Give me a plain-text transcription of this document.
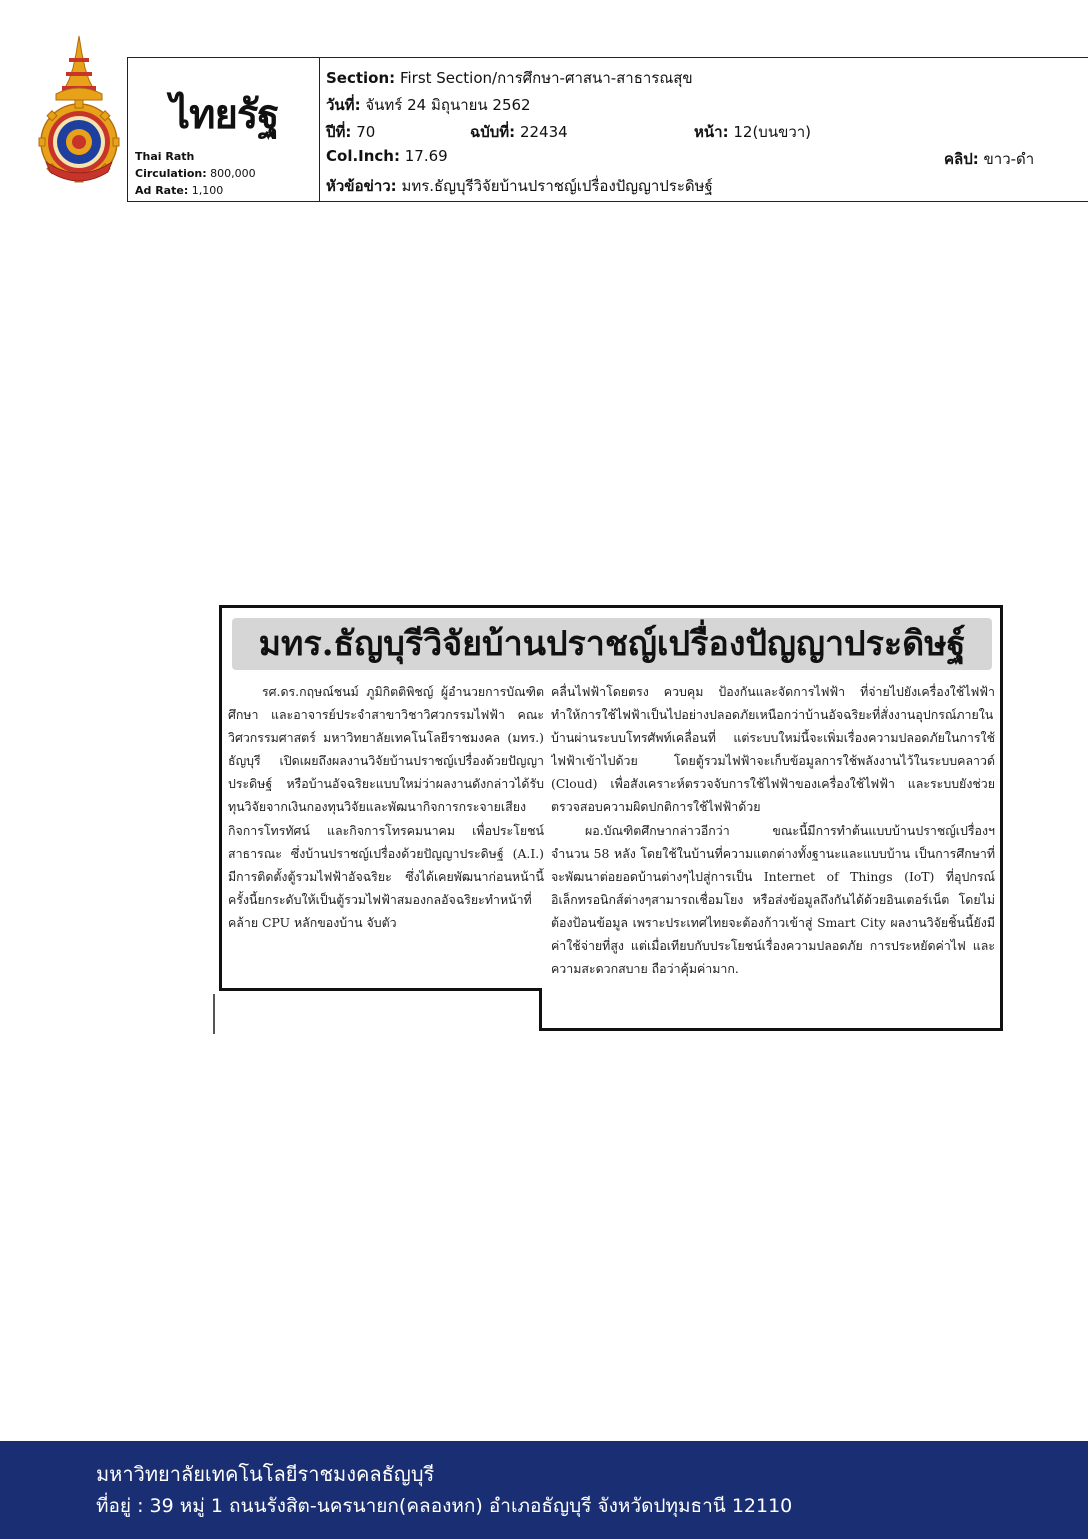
ไทยรัฐ
Thai Rath
Circulation: 800,000
Ad Rate: 1,100
Section: First Section/การศึกษา-ศาสนา-สาธารณสุข
วันที่: จันทร์ 24 มิถุนายน 2562
ปีที่: 70	ฉบับที่: 22434	หน้า: 12(บนขวา)
Col.Inch: 17.69	คลิป: ขาว-ดำ
หัวข้อข่าว: มทร.ธัญบุรีวิจัยบ้านปราชญ์เปรื่องปัญญาประดิษฐ์
มทร.ธัญบุรีวิจัยบ้านปราชญ์เปรื่องปัญญาประดิษฐ์

รศ.ดร.กฤษณ์ชนม์ ภูมิกิตติพิชญ์ ผู้อำนวยการบัณฑิตศึกษา และอาจารย์ประจำสาขาวิชาวิศวกรรมไฟฟ้า คณะวิศวกรรมศาสตร์ มหาวิทยาลัยเทคโนโลยีราชมงคล (มทร.) ธัญบุรี เปิดเผยถึงผลงานวิจัยบ้านปราชญ์เปรื่องด้วยปัญญาประดิษฐ์ หรือบ้านอัจฉริยะแบบใหม่ว่าผลงานดังกล่าวได้รับทุนวิจัยจากเงินกองทุนวิจัยและพัฒนากิจการกระจายเสียง กิจการโทรทัศน์ และกิจการโทรคมนาคม เพื่อประโยชน์สาธารณะ ซึ่งบ้านปราชญ์เปรื่องด้วยปัญญาประดิษฐ์ (A.I.) มีการติดตั้งตู้รวมไฟฟ้าอัจฉริยะ ซึ่งได้เคยพัฒนาก่อนหน้านี้ ครั้งนี้ยกระดับให้เป็นตู้รวมไฟฟ้าสมองกลอัจฉริยะทำหน้าที่คล้าย CPU หลักของบ้าน จับตัว

คลื่นไฟฟ้าโดยตรง ควบคุม ป้องกันและจัดการไฟฟ้า ที่จ่ายไปยังเครื่องใช้ไฟฟ้า ทำให้การใช้ไฟฟ้าเป็นไปอย่างปลอดภัยเหนือกว่าบ้านอัจฉริยะที่สั่งงานอุปกรณ์ภายในบ้านผ่านระบบโทรศัพท์เคลื่อนที่ แต่ระบบใหม่นี้จะเพิ่มเรื่องความปลอดภัยในการใช้ไฟฟ้าเข้าไปด้วย โดยตู้รวมไฟฟ้าจะเก็บข้อมูลการใช้พลังงานไว้ในระบบคลาวด์ (Cloud) เพื่อสังเคราะห์ตรวจจับการใช้ไฟฟ้าของเครื่องใช้ไฟฟ้า และระบบยังช่วยตรวจสอบความผิดปกติการใช้ไฟฟ้าด้วย

ผอ.บัณฑิตศึกษากล่าวอีกว่า ขณะนี้มีการทำต้นแบบบ้านปราชญ์เปรื่องฯ จำนวน 58 หลัง โดยใช้ในบ้านที่ความแตกต่างทั้งฐานะและแบบบ้าน เป็นการศึกษาที่จะพัฒนาต่อยอดบ้านต่างๆไปสู่การเป็น Internet of Things (IoT) ที่อุปกรณ์อิเล็กทรอนิกส์ต่างๆสามารถเชื่อมโยง หรือส่งข้อมูลถึงกันได้ด้วยอินเตอร์เน็ต โดยไม่ต้องป้อนข้อมูล เพราะประเทศไทยจะต้องก้าวเข้าสู่ Smart City ผลงานวิจัยชิ้นนี้ยังมีค่าใช้จ่ายที่สูง แต่เมื่อเทียบกับประโยชน์เรื่องความปลอดภัย การประหยัดค่าไฟ และความสะดวกสบาย ถือว่าคุ้มค่ามาก.

มหาวิทยาลัยเทคโนโลยีราชมงคลธัญบุรี
ที่อยู่ : 39 หมู่ 1 ถนนรังสิต-นครนายก(คลองหก) อำเภอธัญบุรี จังหวัดปทุมธานี 12110
